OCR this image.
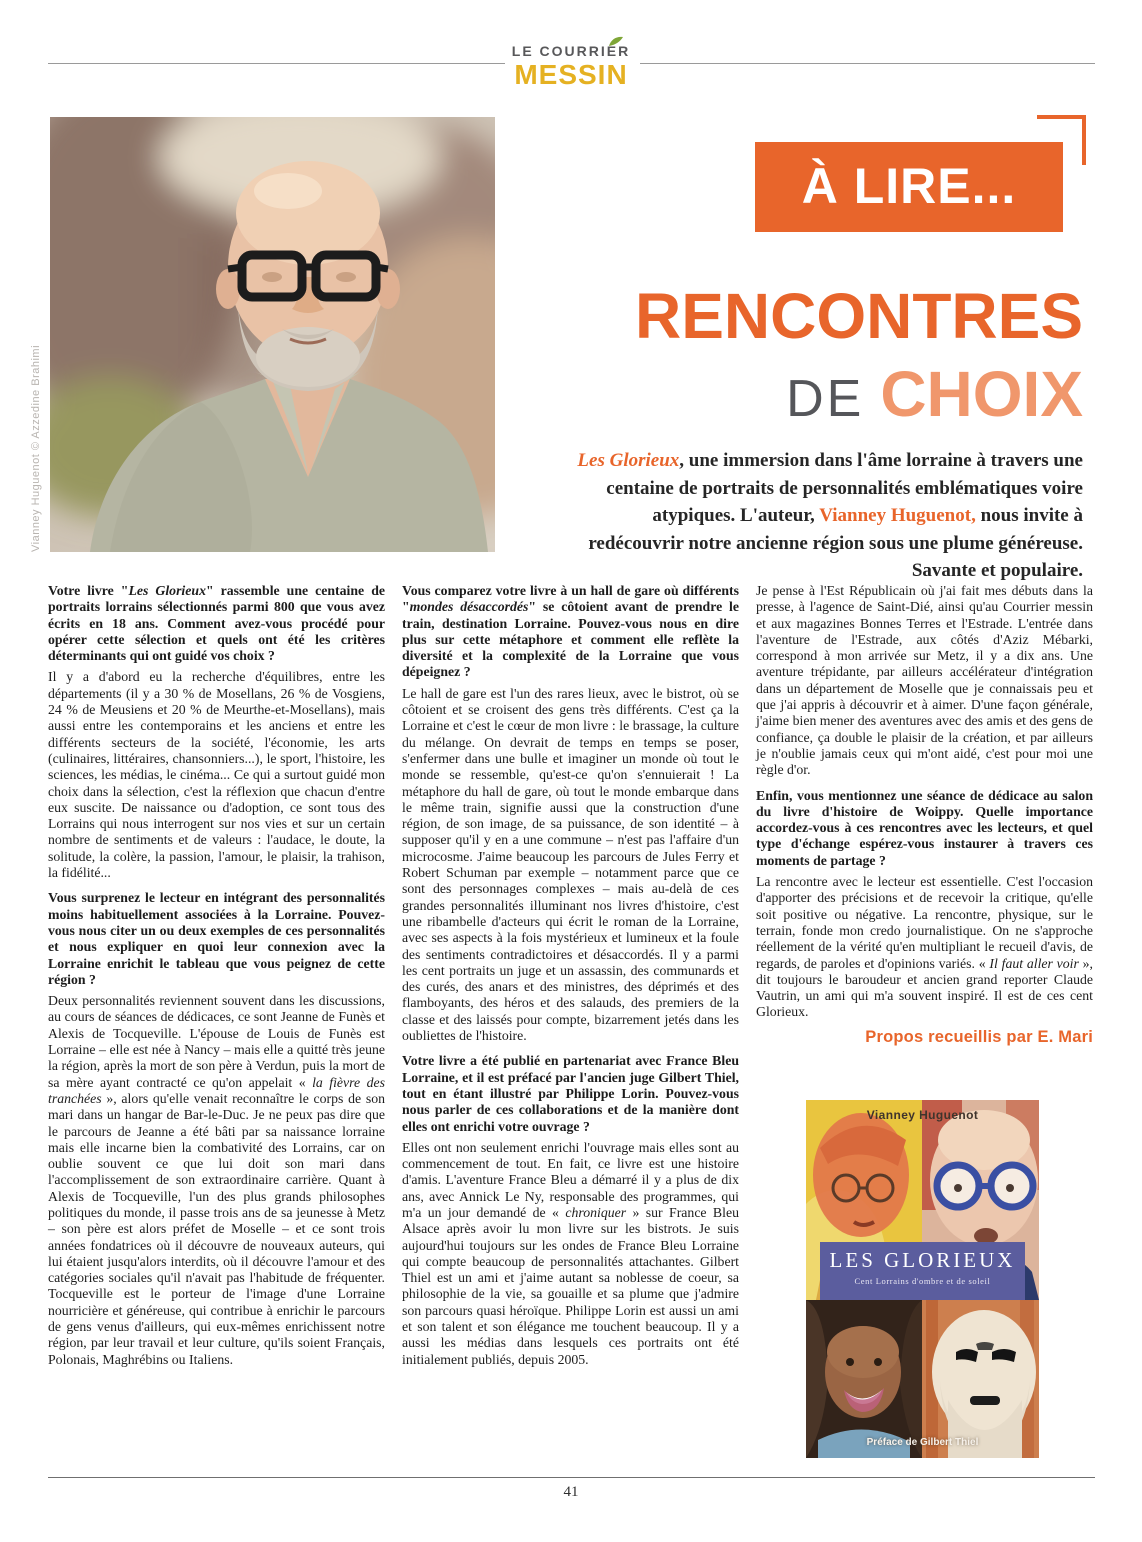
LE COURRIER
MESSIN
Vianney Huguenot © Azzedine Brahimi
À LIRE...
RENCONTRES
DE CHOIX
Les Glorieux, une immersion dans l'âme lorraine à travers une centaine de portraits de personnalités emblématiques voire atypiques. L'auteur, Vianney Huguenot, nous invite à redécouvrir notre ancienne région sous une plume généreuse. Savante et populaire.

Votre livre "Les Glorieux" rassemble une centaine de portraits lorrains sélectionnés parmi 800 que vous avez écrits en 18 ans. Comment avez-vous procédé pour opérer cette sélection et quels ont été les critères déterminants qui ont guidé vos choix ?

Il y a d'abord eu la recherche d'équilibres, entre les départements (il y a 30 % de Mosellans, 26 % de Vosgiens, 24 % de Meusiens et 20 % de Meurthe-et-Mosellans), mais aussi entre les contemporains et les anciens et entre les différents secteurs de la société, l'économie, les arts (culinaires, littéraires, chansonniers...), le sport, l'histoire, les sciences, les médias, le cinéma... Ce qui a surtout guidé mon choix dans la sélection, c'est la réflexion que chacun d'entre eux suscite. De naissance ou d'adoption, ce sont tous des Lorrains qui nous interrogent sur nos vies et sur un certain nombre de sentiments et de valeurs : l'audace, le doute, la solitude, la colère, la passion, l'amour, le plaisir, la trahison, la fidélité...

Vous surprenez le lecteur en intégrant des personnalités moins habituellement associées à la Lorraine. Pouvez-vous nous citer un ou deux exemples de ces personnalités et nous expliquer en quoi leur connexion avec la Lorraine enrichit le tableau que vous peignez de cette région ?

Deux personnalités reviennent souvent dans les discussions, au cours de séances de dédicaces, ce sont Jeanne de Funès et Alexis de Tocqueville. L'épouse de Louis de Funès est Lorraine – elle est née à Nancy – mais elle a quitté très jeune la région, après la mort de son père à Verdun, puis la mort de sa mère ayant contracté ce qu'on appelait « la fièvre des tranchées », alors qu'elle venait reconnaître le corps de son mari dans un hangar de Bar-le-Duc. Je ne peux pas dire que le parcours de Jeanne a été bâti par sa naissance lorraine mais elle incarne bien la combativité des Lorrains, car on oublie souvent ce que lui doit son mari dans l'accomplissement de son extraordinaire carrière. Quant à Alexis de Tocqueville, l'un des plus grands philosophes politiques du monde, il passe trois ans de sa jeunesse à Metz – son père est alors préfet de Moselle – et ce sont trois années fondatrices où il découvre de nouveaux auteurs, qui lui étaient jusqu'alors interdits, où il découvre l'amour et des catégories sociales qu'il n'avait pas l'habitude de fréquenter. Tocqueville est le porteur de l'image d'une Lorraine nourricière et généreuse, qui contribue à enrichir le parcours de gens venus d'ailleurs, qui eux-mêmes enrichissent notre région, par leur travail et leur culture, qu'ils soient Français, Polonais, Maghrébins ou Italiens.

Vous comparez votre livre à un hall de gare où différents "mondes désaccordés" se côtoient avant de prendre le train, destination Lorraine. Pouvez-vous nous en dire plus sur cette métaphore et comment elle reflète la diversité et la complexité de la Lorraine que vous dépeignez ?

Le hall de gare est l'un des rares lieux, avec le bistrot, où se côtoient et se croisent des gens très différents. C'est ça la Lorraine et c'est le cœur de mon livre : le brassage, la culture du mélange. On devrait de temps en temps se poser, s'enfermer dans une bulle et imaginer un monde où tout le monde se ressemble, qu'est-ce qu'on s'ennuierait ! La métaphore du hall de gare, où tout le monde embarque dans le même train, signifie aussi que la construction d'une région, de son image, de sa puissance, de son identité – à supposer qu'il y en a une commune – n'est pas l'affaire d'un microcosme. J'aime beaucoup les parcours de Jules Ferry et Robert Schuman par exemple – notamment parce que ce sont des personnages complexes – mais au-delà de ces grandes personnalités illuminant nos livres d'histoire, c'est une ribambelle d'acteurs qui écrit le roman de la Lorraine, avec ses aspects à la fois mystérieux et lumineux et la foule des sentiments contradictoires et désaccordés. Il y a parmi les cent portraits un juge et un assassin, des communards et des curés, des anars et des ministres, des déprimés et des flamboyants, des héros et des salauds, des premiers de la classe et des laissés pour compte, bizarrement jetés dans les oubliettes de l'histoire.

Votre livre a été publié en partenariat avec France Bleu Lorraine, et il est préfacé par l'ancien juge Gilbert Thiel, tout en étant illustré par Philippe Lorin. Pouvez-vous nous parler de ces collaborations et de la manière dont elles ont enrichi votre ouvrage ?

Elles ont non seulement enrichi l'ouvrage mais elles sont au commencement de tout. En fait, ce livre est une histoire d'amis. L'aventure France Bleu a démarré il y a plus de dix ans, avec Annick Le Ny, responsable des programmes, qui m'a un jour demandé de « chroniquer » sur France Bleu Alsace après avoir lu mon livre sur les bistrots. Je suis aujourd'hui toujours sur les ondes de France Bleu Lorraine qui compte beaucoup de personnalités attachantes. Gilbert Thiel est un ami et j'aime autant sa noblesse de coeur, sa philosophie de la vie, sa gouaille et sa plume que j'admire son parcours quasi héroïque. Philippe Lorin est aussi un ami et son talent et son élégance me touchent beaucoup. Il y a aussi les médias dans lesquels ces portraits ont été initialement publiés, depuis 2005.

Je pense à l'Est Républicain où j'ai fait mes débuts dans la presse, à l'agence de Saint-Dié, ainsi qu'au Courrier messin et aux magazines Bonnes Terres et l'Estrade. L'entrée dans l'aventure de l'Estrade, aux côtés d'Aziz Mébarki, correspond à mon arrivée sur Metz, il y a dix ans. Une aventure trépidante, par ailleurs accélérateur d'intégration dans un département de Moselle que je connaissais peu et que j'ai appris à découvrir et à aimer. D'une façon générale, j'aime bien mener des aventures avec des amis et des gens de confiance, ça double le plaisir de la création, et par ailleurs je n'oublie jamais ceux qui m'ont aidé, c'est pour moi une règle d'or.

Enfin, vous mentionnez une séance de dédicace au salon du livre d'histoire de Woippy. Quelle importance accordez-vous à ces rencontres avec les lecteurs, et quel type d'échange espérez-vous instaurer à travers ces moments de partage ?

La rencontre avec le lecteur est essentielle. C'est l'occasion d'apporter des précisions et de recevoir la critique, qu'elle soit positive ou négative. La rencontre, physique, sur le terrain, fonde mon credo journalistique. On ne s'approche réellement de la vérité qu'en multipliant le recueil d'avis, de regards, de paroles et d'opinions variés. « Il faut aller voir », dit toujours le baroudeur et ancien grand reporter Claude Vautrin, un ami qui m'a souvent inspiré. Il est de ces cent Glorieux.

Propos recueillis par E. Mari

Vianney Huguenot
LES GLORIEUX
Cent Lorrains d'ombre et de soleil
Préface de Gilbert Thiel
41
